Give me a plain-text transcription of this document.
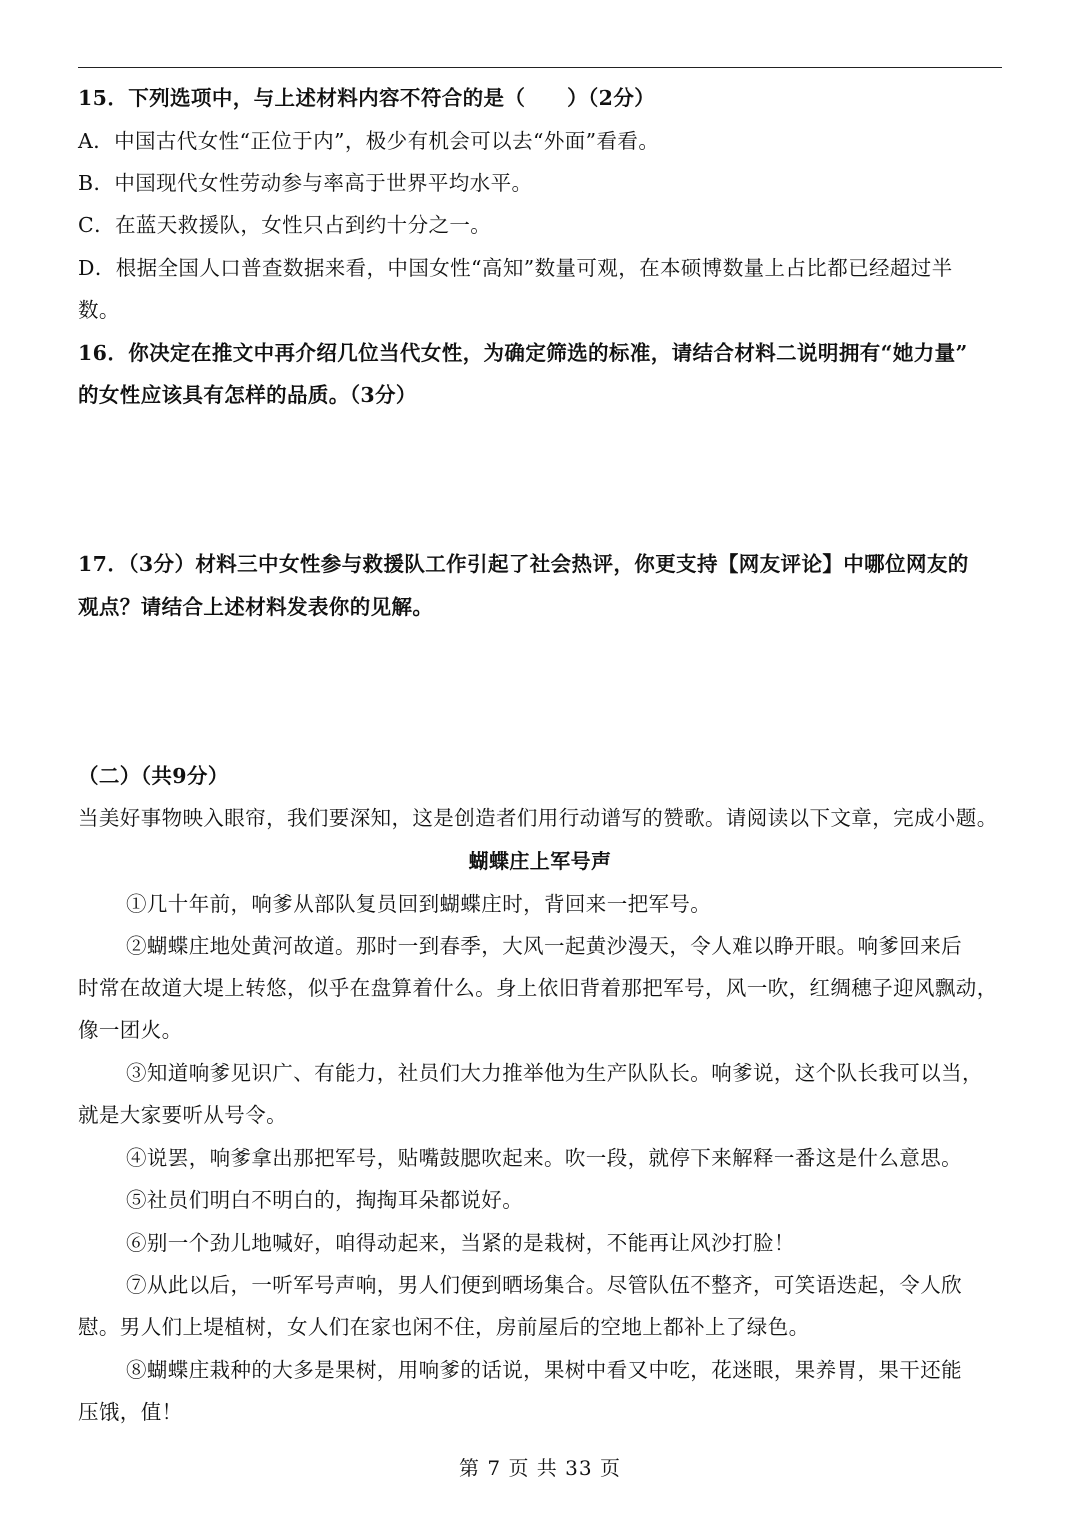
15．下列选项中，与上述材料内容不符合的是（　　）（2分）
A．中国古代女性“正位于内”，极少有机会可以去“外面”看看。
B．中国现代女性劳动参与率高于世界平均水平。
C．在蓝天救援队，女性只占到约十分之一。
D．根据全国人口普查数据来看，中国女性“高知”数量可观，在本硕博数量上占比都已经超过半
数。
16．你决定在推文中再介绍几位当代女性，为确定筛选的标准，请结合材料二说明拥有“她力量”
的女性应该具有怎样的品质。（3分）
17．（3分）材料三中女性参与救援队工作引起了社会热评，你更支持【网友评论】中哪位网友的
观点？请结合上述材料发表你的见解。
（二）（共9分）
当美好事物映入眼帘，我们要深知，这是创造者们用行动谱写的赞歌。请阅读以下文章，完成小题。
蝴蝶庄上军号声
①几十年前，响爹从部队复员回到蝴蝶庄时，背回来一把军号。
②蝴蝶庄地处黄河故道。那时一到春季，大风一起黄沙漫天，令人难以睁开眼。响爹回来后
时常在故道大堤上转悠，似乎在盘算着什么。身上依旧背着那把军号，风一吹，红绸穗子迎风飘动，
像一团火。
③知道响爹见识广、有能力，社员们大力推举他为生产队队长。响爹说，这个队长我可以当，
就是大家要听从号令。
④说罢，响爹拿出那把军号，贴嘴鼓腮吹起来。吹一段，就停下来解释一番这是什么意思。
⑤社员们明白不明白的，掏掏耳朵都说好。
⑥别一个劲儿地喊好，咱得动起来，当紧的是栽树，不能再让风沙打脸！
⑦从此以后，一听军号声响，男人们便到晒场集合。尽管队伍不整齐，可笑语迭起，令人欣
慰。男人们上堤植树，女人们在家也闲不住，房前屋后的空地上都补上了绿色。
⑧蝴蝶庄栽种的大多是果树，用响爹的话说，果树中看又中吃，花迷眼，果养胃，果干还能
压饿，值！
第 7 页 共 33 页
